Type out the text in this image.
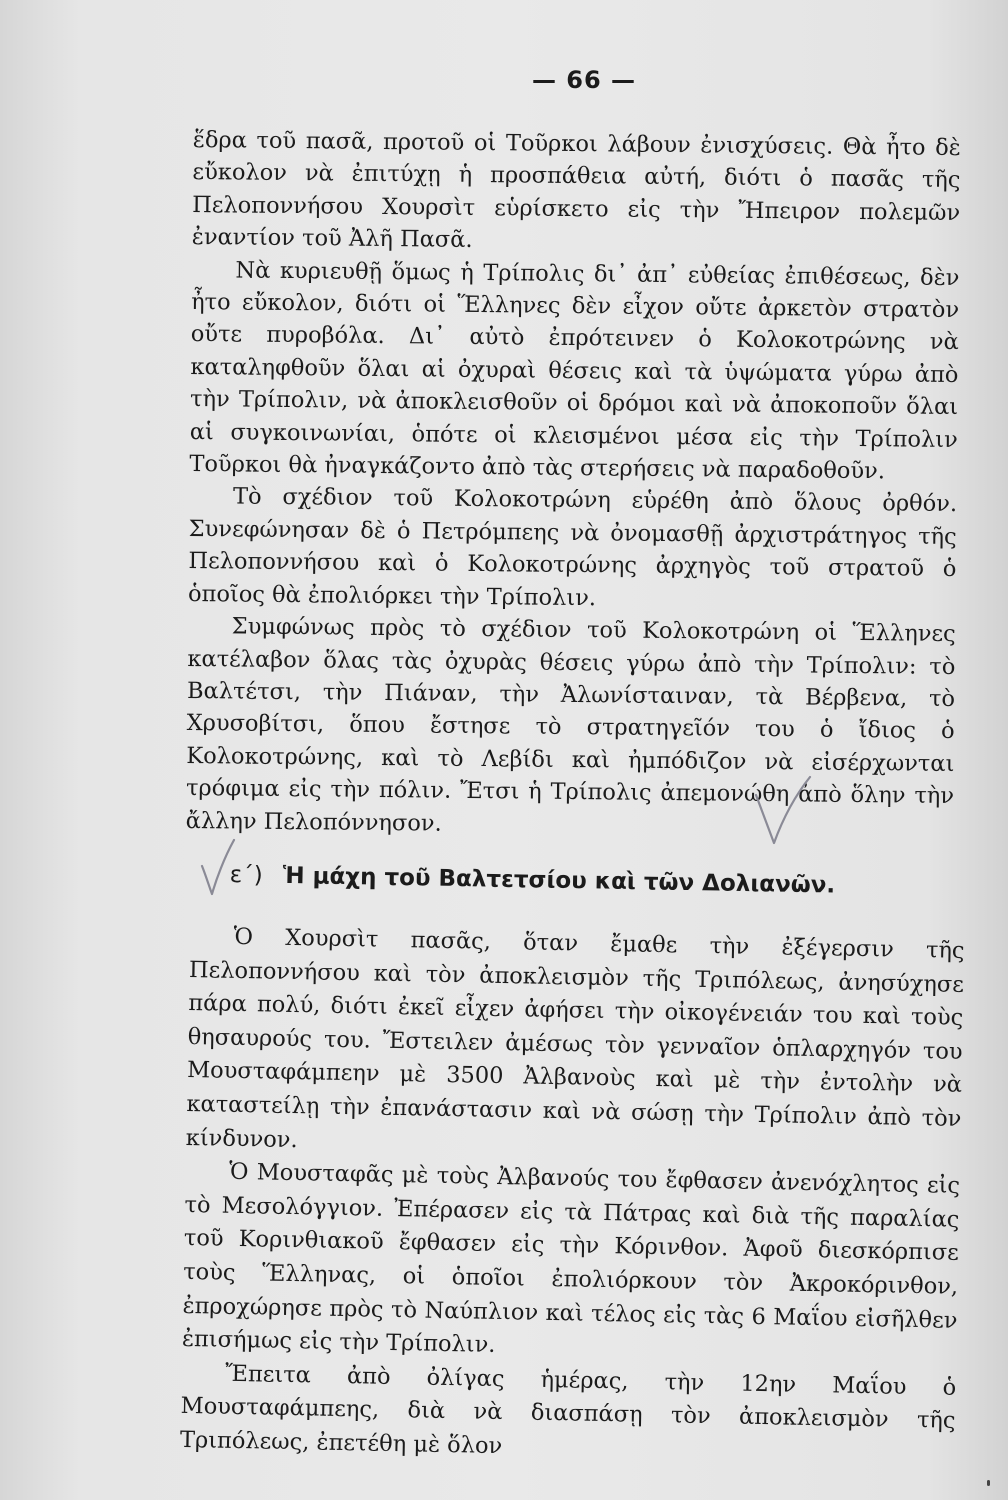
— 66 —

ἕδρα τοῦ πασᾶ, προτοῦ οἱ Τοῦρκοι λάβουν ἐνισχύσεις. Θὰ ἦτο δὲ εὔκολον νὰ ἐπιτύχῃ ἡ προσπάθεια αὐτή, διότι ὁ πασᾶς τῆς Πελοποννήσου Χουρσὶτ εὑρίσκετο εἰς τὴν Ἤπειρον πολεμῶν ἐναντίον τοῦ Ἀλῆ Πασᾶ.

Νὰ κυριευθῇ ὅμως ἡ Τρίπολις δι᾽ ἀπ᾽ εὐθείας ἐπιθέσεως, δὲν ἦτο εὔκολον, διότι οἱ Ἕλληνες δὲν εἶχον οὔτε ἀρκετὸν στρατὸν οὔτε πυροβόλα. Δι᾽ αὐτὸ ἐπρότεινεν ὁ Κολοκοτρώνης νὰ καταληφθοῦν ὅλαι αἱ ὀχυραὶ θέσεις καὶ τὰ ὑψώματα γύρω ἀπὸ τὴν Τρίπολιν, νὰ ἀποκλεισθοῦν οἱ δρόμοι καὶ νὰ ἀποκοποῦν ὅλαι αἱ συγκοινωνίαι, ὁπότε οἱ κλεισμένοι μέσα εἰς τὴν Τρίπολιν Τοῦρκοι θὰ ἠναγκάζοντο ἀπὸ τὰς στερήσεις νὰ παραδοθοῦν.

Τὸ σχέδιον τοῦ Κολοκοτρώνη εὑρέθη ἀπὸ ὅλους ὀρθόν. Συνεφώνησαν δὲ ὁ Πετρόμπεης νὰ ὀνομασθῇ ἀρχιστράτηγος τῆς Πελοποννήσου καὶ ὁ Κολοκοτρώνης ἀρχηγὸς τοῦ στρατοῦ ὁ ὁποῖος θὰ ἐπολιόρκει τὴν Τρίπολιν.

Συμφώνως πρὸς τὸ σχέδιον τοῦ Κολοκοτρώνη οἱ Ἕλληνες κατέλαβον ὅλας τὰς ὀχυρὰς θέσεις γύρω ἀπὸ τὴν Τρίπολιν: τὸ Βαλτέτσι, τὴν Πιάναν, τὴν Ἀλωνίσταιναν, τὰ Βέρβενα, τὸ Χρυσοβίτσι, ὅπου ἔστησε τὸ στρατηγεῖόν του ὁ ἴδιος ὁ Κολοκοτρώνης, καὶ τὸ Λεβίδι καὶ ἠμπόδιζον νὰ εἰσέρχωνται τρόφιμα εἰς τὴν πόλιν. Ἔτσι ἡ Τρίπολις ἀπεμονώθη ἀπὸ ὅλην τὴν ἄλλην Πελοπόννησον.

ε΄) Ἡ μάχη τοῦ Βαλτετσίου καὶ τῶν Δολιανῶν.

Ὁ Χουρσὶτ πασᾶς, ὅταν ἔμαθε τὴν ἐξέγερσιν τῆς Πελοποννήσου καὶ τὸν ἀποκλεισμὸν τῆς Τριπόλεως, ἀνησύχησε πάρα πολύ, διότι ἐκεῖ εἶχεν ἀφήσει τὴν οἰκογένειάν του καὶ τοὺς θησαυρούς του. Ἔστειλεν ἀμέσως τὸν γενναῖον ὁπλαρχηγόν του Μουσταφάμπεην μὲ 3500 Ἀλβανοὺς καὶ μὲ τὴν ἐντολὴν νὰ καταστείλῃ τὴν ἐπανάστασιν καὶ νὰ σώσῃ τὴν Τρίπολιν ἀπὸ τὸν κίνδυνον.

Ὁ Μουσταφᾶς μὲ τοὺς Ἀλβανούς του ἔφθασεν ἀνενόχλητος εἰς τὸ Μεσολόγγιον. Ἐπέρασεν εἰς τὰ Πάτρας καὶ διὰ τῆς παραλίας τοῦ Κορινθιακοῦ ἔφθασεν εἰς τὴν Κόρινθον. Ἀφοῦ διεσκόρπισε τοὺς Ἕλληνας, οἱ ὁποῖοι ἐπολιόρκουν τὸν Ἀκροκόρινθον, ἐπροχώρησε πρὸς τὸ Ναύπλιον καὶ τέλος εἰς τὰς 6 Μαΐου εἰσῆλθεν ἐπισήμως εἰς τὴν Τρίπολιν.

Ἔπειτα ἀπὸ ὀλίγας ἡμέρας, τὴν 12ην Μαΐου ὁ Μουσταφάμπεης, διὰ νὰ διασπάσῃ τὸν ἀποκλεισμὸν τῆς Τριπόλεως, ἐπετέθη μὲ ὅλον
